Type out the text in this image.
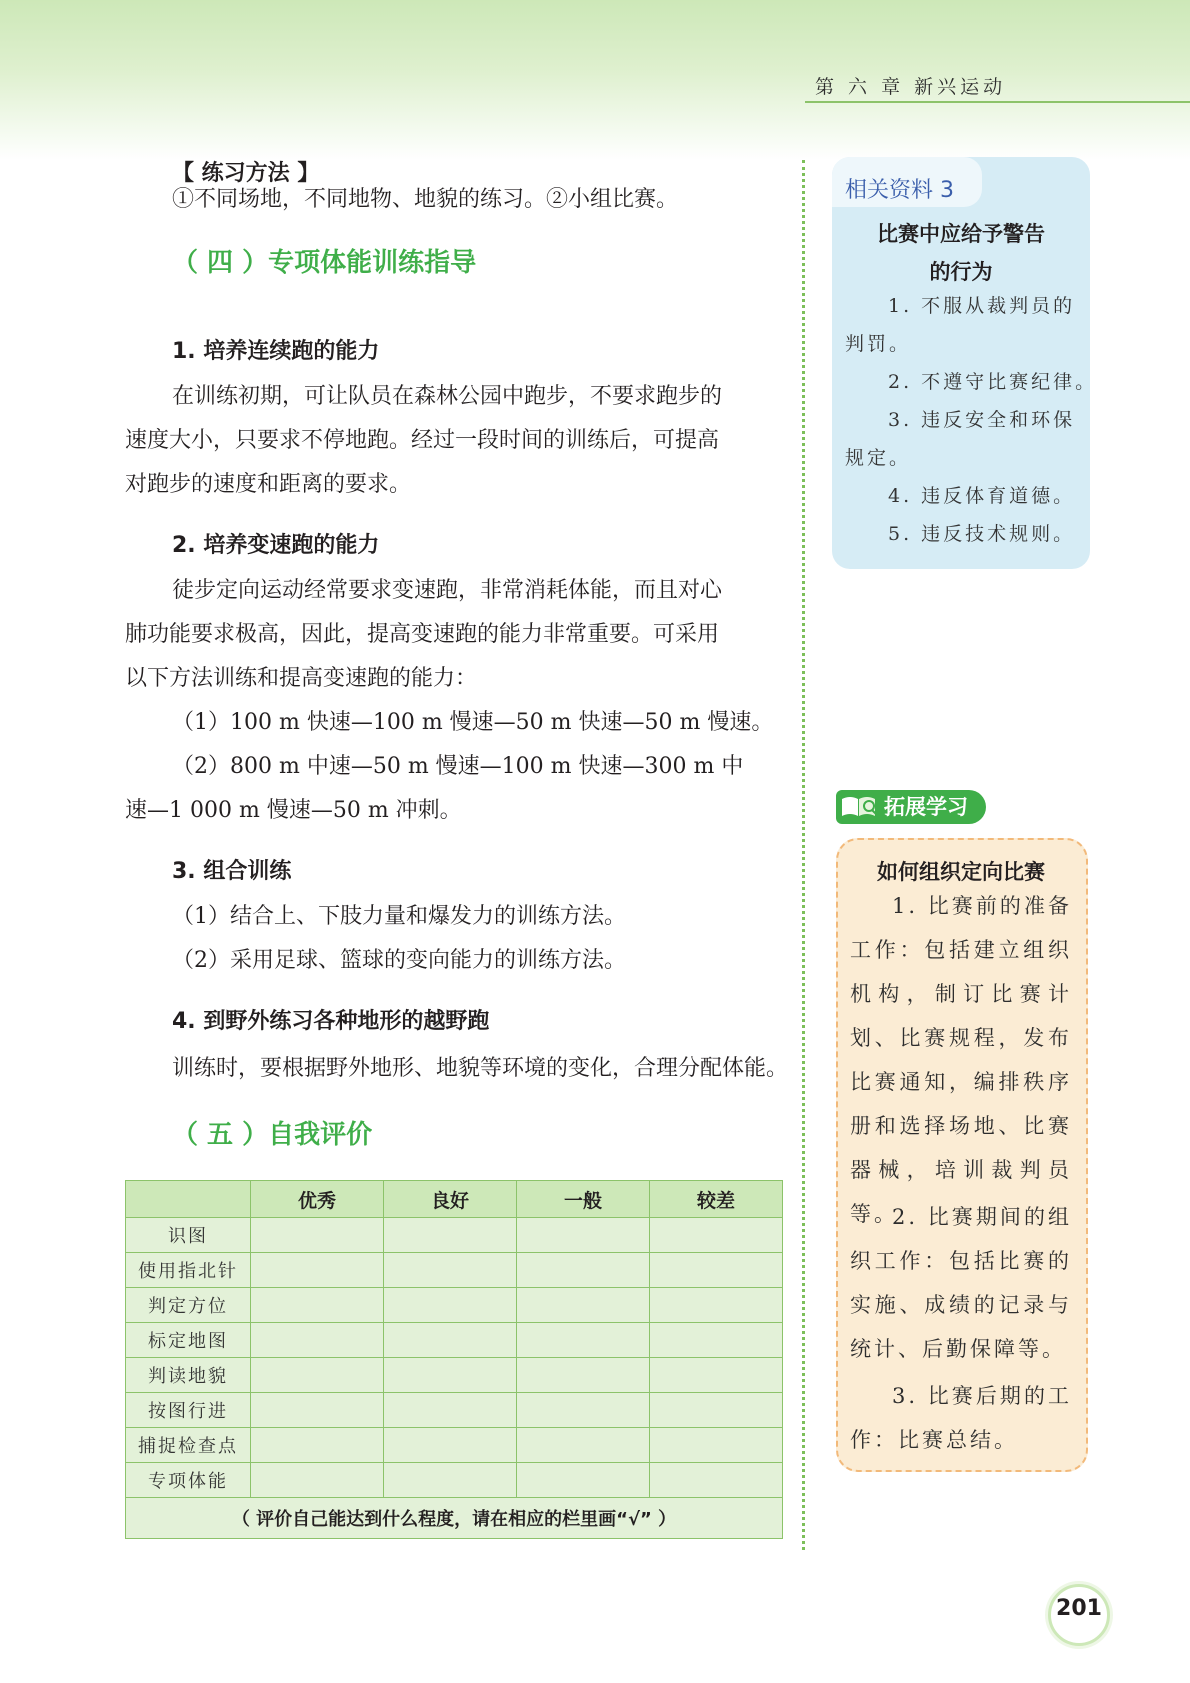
第 六 章 新兴运动
【 练习方法 】
①不同场地，不同地物、地貌的练习。②小组比赛。
（ 四 ）专项体能训练指导
1. 培养连续跑的能力
在训练初期，可让队员在森林公园中跑步，不要求跑步的
速度大小，只要求不停地跑。经过一段时间的训练后，可提高
对跑步的速度和距离的要求。
2. 培养变速跑的能力
徒步定向运动经常要求变速跑，非常消耗体能，而且对心
肺功能要求极高，因此，提高变速跑的能力非常重要。可采用
以下方法训练和提高变速跑的能力：
（1）100 m 快速—100 m 慢速—50 m 快速—50 m 慢速。
（2）800 m 中速—50 m 慢速—100 m 快速—300 m 中
速—1 000 m 慢速—50 m 冲刺。
3. 组合训练
（1）结合上、下肢力量和爆发力的训练方法。
（2）采用足球、篮球的变向能力的训练方法。
4. 到野外练习各种地形的越野跑
训练时，要根据野外地形、地貌等环境的变化，合理分配体能。
（ 五 ）自我评价
	优秀	良好	一般	较差
识图				
使用指北针				
判定方位				
标定地图				
判读地貌				
按图行进				
捕捉检查点				
专项体能				
（ 评价自己能达到什么程度，请在相应的栏里画“√” ）				
相关资料 3
比赛中应给予警告
的行为
1. 不服从裁判员的
判罚。
2. 不遵守比赛纪律。
3. 违反安全和环保
规定。
4. 违反体育道德。
5. 违反技术规则。
拓展学习
如何组织定向比赛
1. 比赛前的准备工作：包括建立组织机构，制订比赛计划、比赛规程，发布比赛通知，编排秩序册和选择场地、比赛器械，培训裁判员等。
2. 比赛期间的组织工作：包括比赛的实施、成绩的记录与统计、后勤保障等。
3. 比赛后期的工作：比赛总结。
201
